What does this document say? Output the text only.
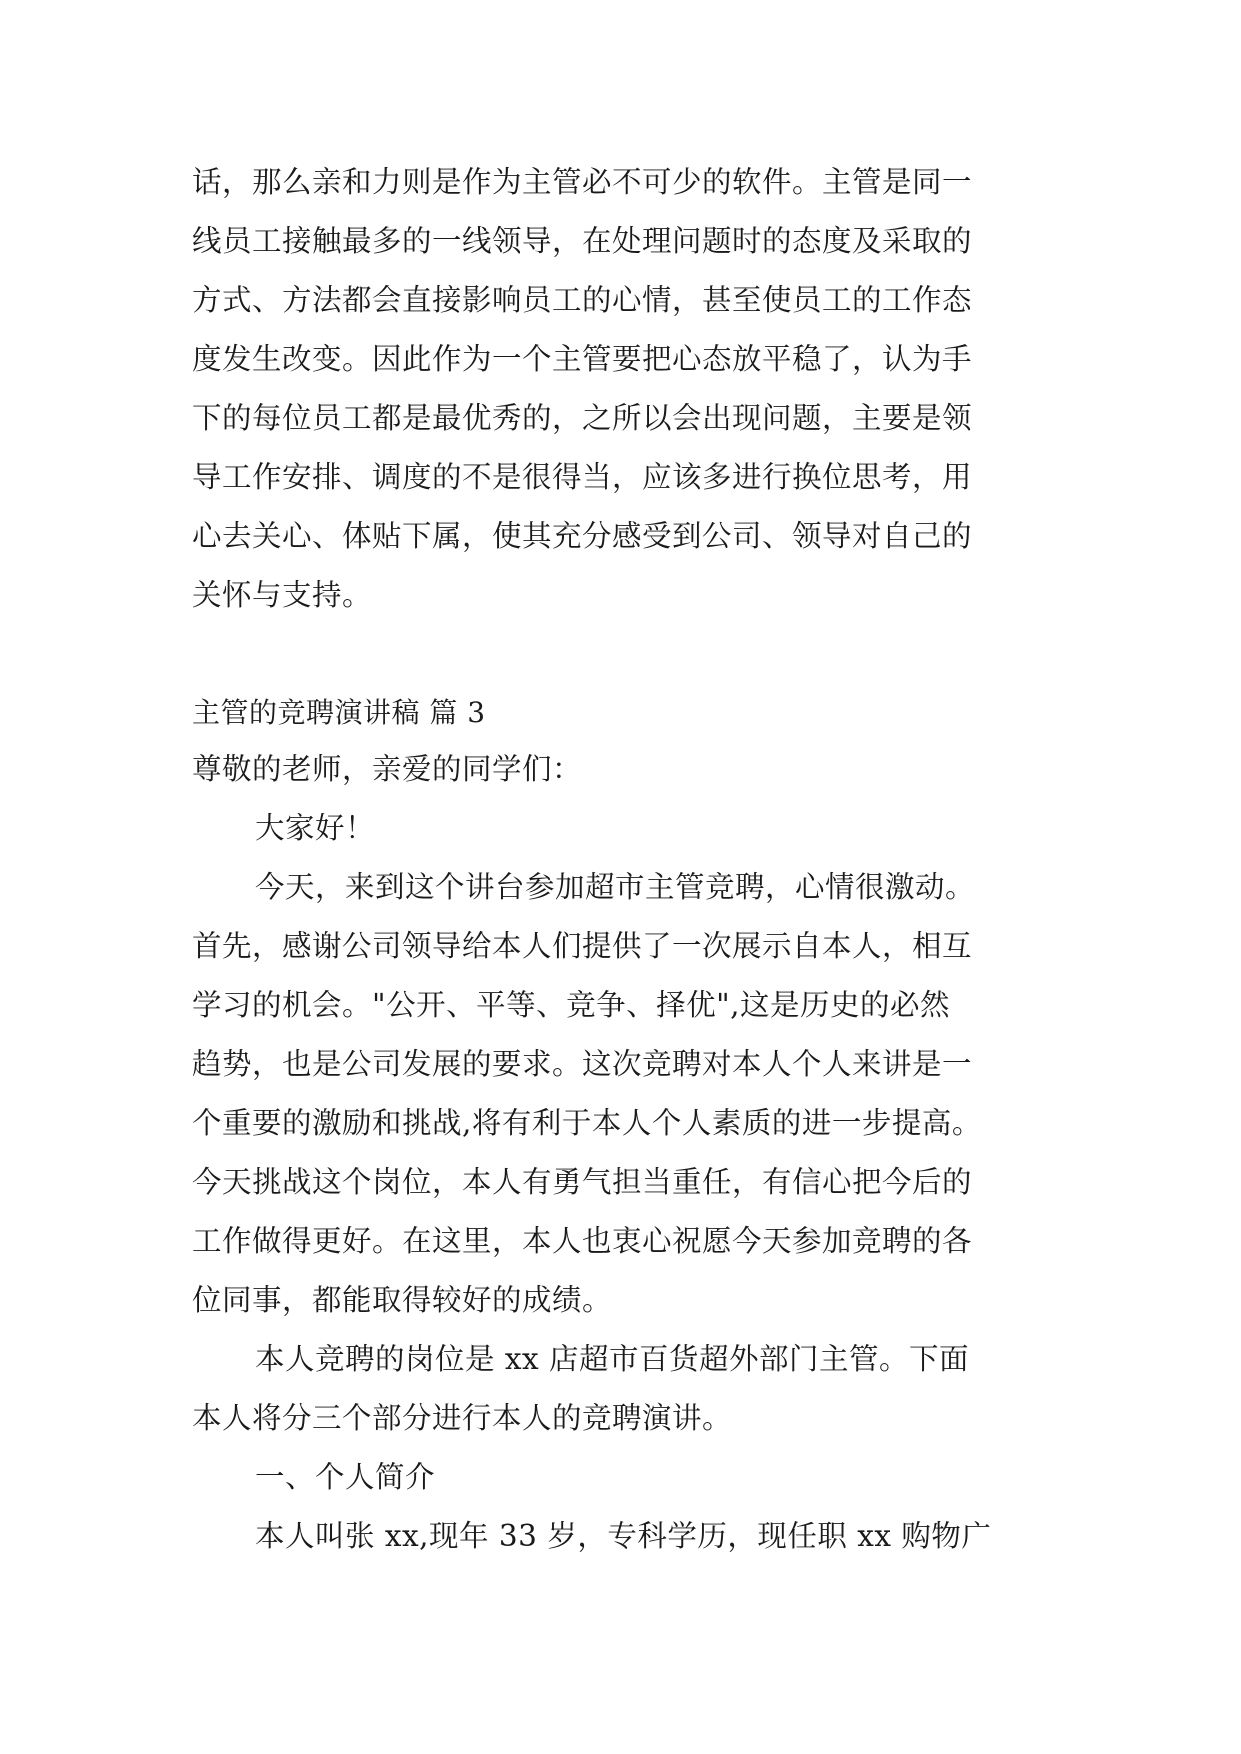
话，那么亲和力则是作为主管必不可少的软件。主管是同一
线员工接触最多的一线领导，在处理问题时的态度及采取的
方式、方法都会直接影响员工的心情，甚至使员工的工作态
度发生改变。因此作为一个主管要把心态放平稳了，认为手
下的每位员工都是最优秀的，之所以会出现问题，主要是领
导工作安排、调度的不是很得当，应该多进行换位思考，用
心去关心、体贴下属，使其充分感受到公司、领导对自己的
关怀与支持。
主管的竞聘演讲稿 篇 3
尊敬的老师，亲爱的同学们：
大家好！
今天，来到这个讲台参加超市主管竞聘，心情很激动。
首先，感谢公司领导给本人们提供了一次展示自本人，相互
学习的机会。"公开、平等、竞争、择优",这是历史的必然
趋势，也是公司发展的要求。这次竞聘对本人个人来讲是一
个重要的激励和挑战,将有利于本人个人素质的进一步提高。
今天挑战这个岗位，本人有勇气担当重任，有信心把今后的
工作做得更好。在这里，本人也衷心祝愿今天参加竞聘的各
位同事，都能取得较好的成绩。
本人竞聘的岗位是 xx 店超市百货超外部门主管。下面
本人将分三个部分进行本人的竞聘演讲。
一、个人简介
本人叫张 xx,现年 33 岁，专科学历，现任职 xx 购物广
